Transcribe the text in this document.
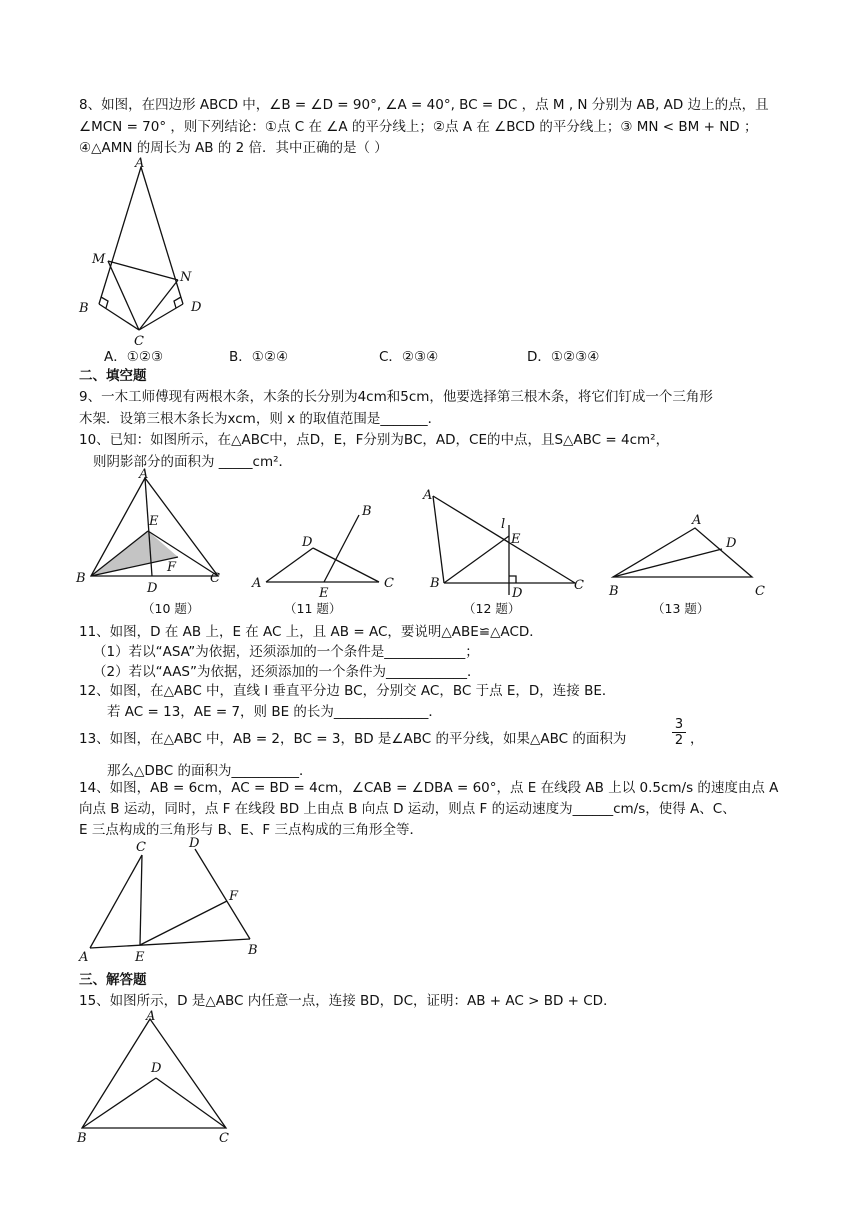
8、如图，在四边形 ABCD 中，∠B = ∠D = 90°, ∠A = 40°, BC = DC ，点 M , N 分别为 AB, AD 边上的点，且
∠MCN = 70° ，则下列结论：①点 C 在 ∠A 的平分线上；②点 A 在 ∠BCD 的平分线上；③ MN < BM + ND ；
④△AMN 的周长为 AB 的 2 倍．其中正确的是（ ）
A
M
N
B	D
C
A．①②③	B．①②④	C．②③④	D．①②③④
二、填空题
9、一木工师傅现有两根木条，木条的长分别为4cm和5cm，他要选择第三根木条，将它们钉成一个三角形
木架．设第三根木条长为xcm，则 x 的取值范围是_______．
10、已知：如图所示，在△ABC中，点D，E，F分别为BC，AD，CE的中点，且S△ABC = 4cm²，
则阴影部分的面积为 _____cm²．
A
E
F
B
D
C
（10 题）
B
D
A
E
C
（11 题）
A
l
E
B
D
C
（12 题）
A
D
B	C
（13 题）
11、如图，D 在 AB 上，E 在 AC 上，且 AB = AC，要说明△ABE≌△ACD．
（1）若以“ASA”为依据，还须添加的一个条件是____________；
（2）若以“AAS”为依据，还须添加的一个条件为____________．
12、如图，在△ABC 中，直线 l 垂直平分边 BC，分别交 AC，BC 于点 E，D，连接 BE．
若 AC = 13，AE = 7，则 BE 的长为______________．
13、如图，在△ABC 中，AB = 2，BC = 3，BD 是∠ABC 的平分线，如果△ABC 的面积为	$\frac{3}{2}$ ，
那么△DBC 的面积为__________．
14、如图，AB = 6cm，AC = BD = 4cm，∠CAB = ∠DBA = 60°，点 E 在线段 AB 上以 0.5cm/s 的速度由点 A
向点 B 运动，同时，点 F 在线段 BD 上由点 B 向点 D 运动，则点 F 的运动速度为______cm/s，使得 A、C、
E 三点构成的三角形与 B、E、F 三点构成的三角形全等．
C	D
F
A	E	B
三、解答题
15、如图所示，D 是△ABC 内任意一点，连接 BD，DC，证明：AB + AC > BD + CD．
A
D
B	C
